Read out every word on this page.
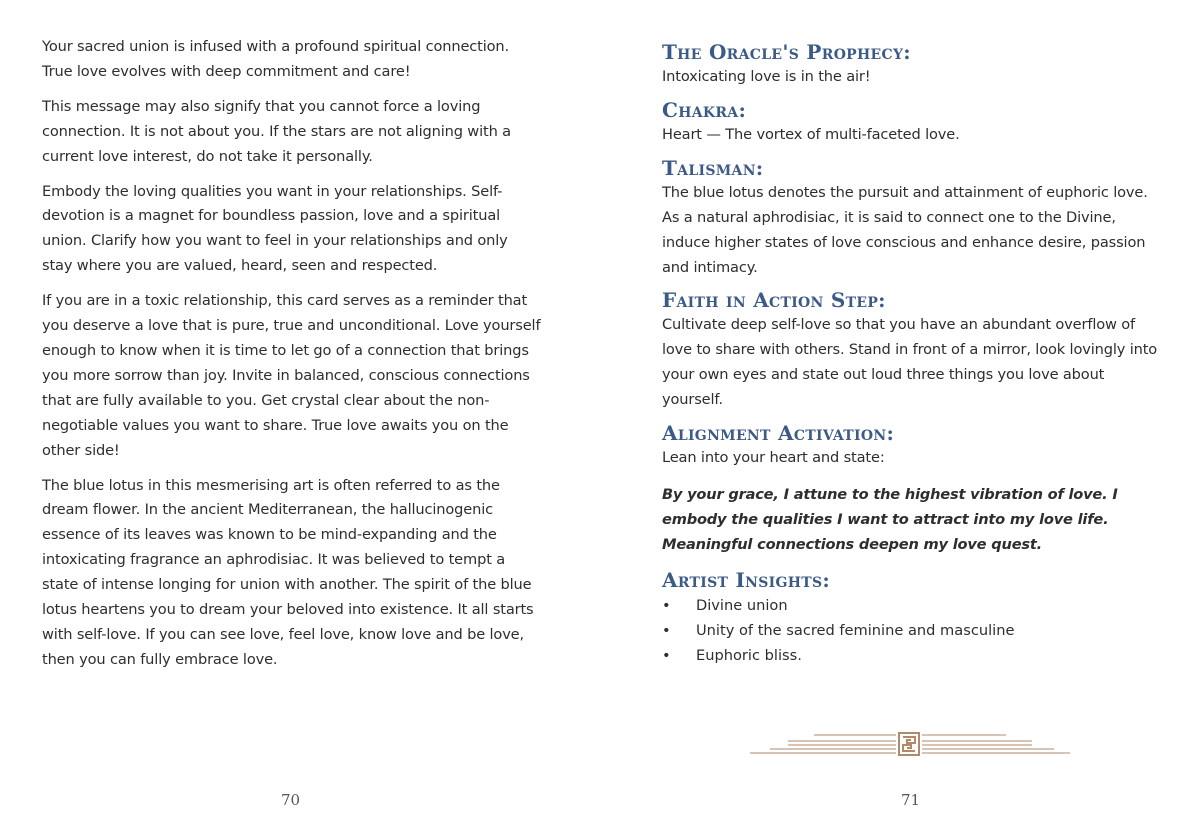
Your sacred union is infused with a profound spiritual connection. True love evolves with deep commitment and care!

This message may also signify that you cannot force a loving connection. It is not about you. If the stars are not aligning with a current love interest, do not take it personally.

Embody the loving qualities you want in your relationships. Self-devotion is a magnet for boundless passion, love and a spiritual union. Clarify how you want to feel in your relationships and only stay where you are valued, heard, seen and respected.

If you are in a toxic relationship, this card serves as a reminder that you deserve a love that is pure, true and unconditional. Love yourself enough to know when it is time to let go of a connection that brings you more sorrow than joy. Invite in balanced, conscious connections that are fully available to you. Get crystal clear about the non-negotiable values you want to share. True love awaits you on the other side!

The blue lotus in this mesmerising art is often referred to as the dream flower. In the ancient Mediterranean, the hallucinogenic essence of its leaves was known to be mind-expanding and the intoxicating fragrance an aphrodisiac. It was believed to tempt a state of intense longing for union with another. The spirit of the blue lotus heartens you to dream your beloved into existence. It all starts with self-love. If you can see love, feel love, know love and be love, then you can fully embrace love.

The Oracle's Prophecy:

Intoxicating love is in the air!

Chakra:

Heart — The vortex of multi-faceted love.

Talisman:

The blue lotus denotes the pursuit and attainment of euphoric love. As a natural aphrodisiac, it is said to connect one to the Divine, induce higher states of love conscious and enhance desire, passion and intimacy.

Faith in Action Step:

Cultivate deep self-love so that you have an abundant overflow of love to share with others. Stand in front of a mirror, look lovingly into your own eyes and state out loud three things you love about yourself.

Alignment Activation:

Lean into your heart and state:

By your grace, I attune to the highest vibration of love. I embody the qualities I want to attract into my love life. Meaningful connections deepen my love quest.

Artist Insights:
• Divine union
• Unity of the sacred feminine and masculine
• Euphoric bliss.
70	71
